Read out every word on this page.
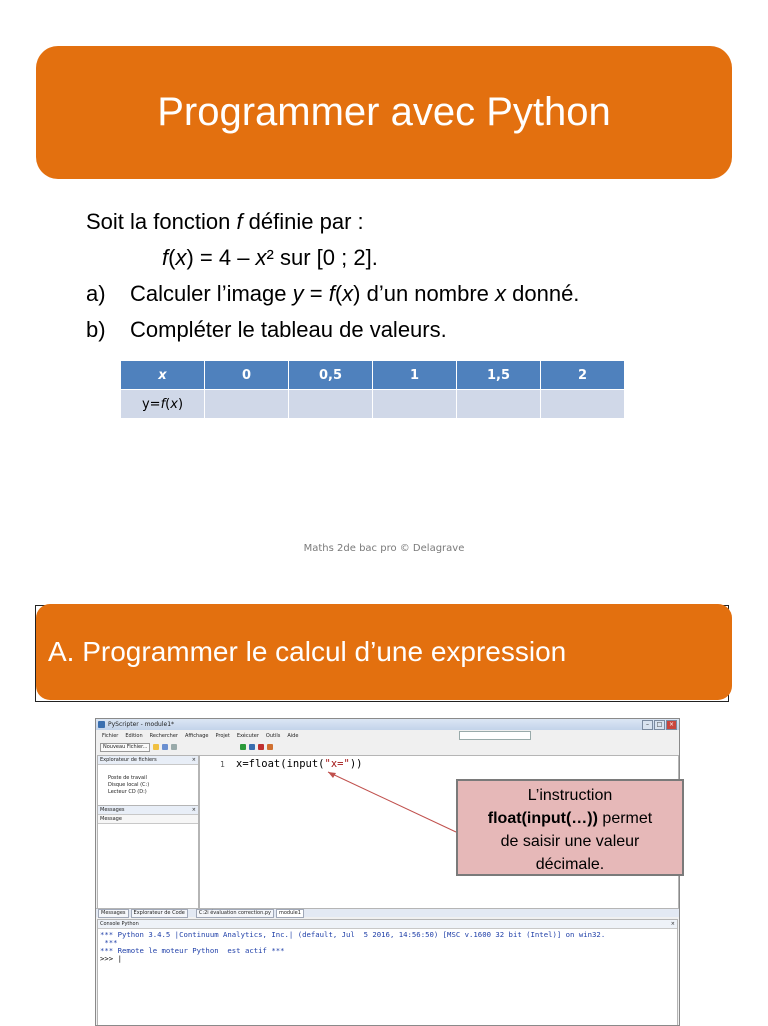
Programmer avec Python
Soit la fonction f définie par :
f(x) = 4 – x² sur [0 ; 2].
a) Calculer l’image y = f(x) d’un nombre x donné.
b) Compléter le tableau de valeurs.
x	0	0,5	1	1,5	2
y=f(x)					
Maths 2de bac pro © Delagrave
A. Programmer le calcul d’une expression
PyScripter - module1*	–	□	×
Fichier Edition Rechercher Affichage Projet Exécuter Outils Aide
Nouveau Fichier...
Explorateur de fichiers	×
Poste de travail
Disque local (C:)
Lecteur CD (D:)
Messages	×
Message
1 x=float(input("x="))
Messages	Explorateur de Code	C:2i évaluation correction.py	module1
Console Python	×
*** Python 3.4.5 |Continuum Analytics, Inc.| (default, Jul  5 2016, 14:56:50) [MSC v.1600 32 bit (Intel)] on win32.
***
*** Remote le moteur Python  est actif ***
>>> |
L’instruction
float(input(…)) permet
de saisir une valeur
décimale.
